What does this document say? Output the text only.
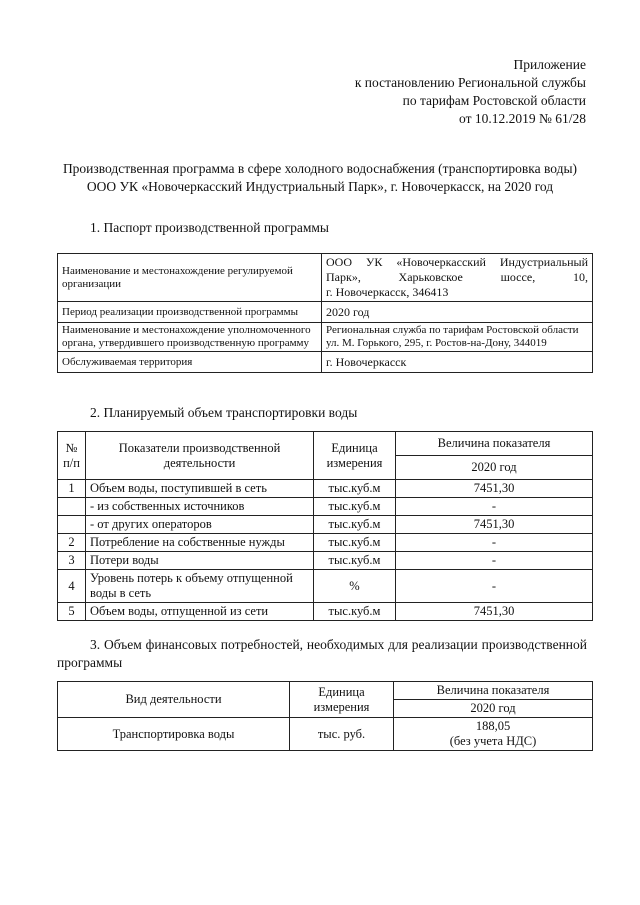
Приложение
к постановлению Региональной службы
по тарифам Ростовской области
от 10.12.2019 № 61/28
Производственная программа в сфере холодного водоснабжения (транспортировка воды)
ООО УК «Новочеркасский Индустриальный Парк», г. Новочеркасск, на 2020 год
1. Паспорт производственной программы
Наименование и местонахождение регулируемой организации	ООО УК «Новочеркасский Индустриальный
Парк», Харьковское шоссе, 10,
г. Новочеркасск, 346413

Период реализации производственной программы	2020 год
Наименование и местонахождение уполномоченного органа, утвердившего производственную программу	Региональная служба по тарифам Ростовской области ул. М. Горького, 295, г. Ростов-на-Дону, 344019
Обслуживаемая территория	г. Новочеркасск
2. Планируемый объем транспортировки воды
№ п/п	Показатели производственной деятельности	Единица измерения	Величина показателя
			2020 год
1	Объем воды, поступившей в сеть	тыс.куб.м	7451,30
	- из собственных источников	тыс.куб.м	-
	- от других операторов	тыс.куб.м	7451,30
2	Потребление на собственные нужды	тыс.куб.м	-
3	Потери воды	тыс.куб.м	-
4	Уровень потерь к объему отпущенной воды в сеть	%	-
5	Объем воды, отпущенной из сети	тыс.куб.м	7451,30
3. Объем финансовых потребностей, необходимых для реализации производственной программы
Вид деятельности	Единица измерения	Величина показателя
		2020 год
Транспортировка воды	тыс. руб.	188,05
(без учета НДС)
